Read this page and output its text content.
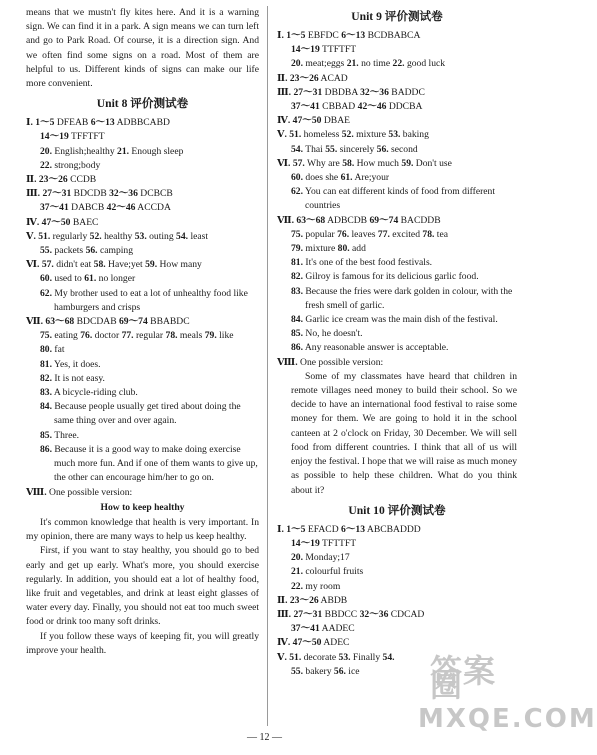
means that we mustn't fly kites here. And it is a warning sign. We can find it in a park. A sign means we can turn left and go to Park Road. Of course, it is a direction sign. And we often find some signs on a road. Most of them are helpful to us. Different kinds of signs can make our life more convenient.

Unit 8 评价测试卷

Ⅰ. 1～5 DFEAB 6～13 ADBBCABD

14～19 TFFTFT

20. English;healthy 21. Enough sleep

22. strong;body

Ⅱ. 23～26 CCDB

Ⅲ. 27～31 BDCDB 32～36 DCBCB

37～41 DABCB 42～46 ACCDA

Ⅳ. 47～50 BAEC

Ⅴ. 51. regularly 52. healthy 53. outing 54. least

55. packets 56. camping

Ⅵ. 57. didn't eat 58. Have;yet 59. How many

60. used to 61. no longer

62. My brother used to eat a lot of unhealthy food like hamburgers and crisps

Ⅶ. 63～68 BDCDAB 69～74 BBABDC

75. eating 76. doctor 77. regular 78. meals 79. like

80. fat

81. Yes, it does.

82. It is not easy.

83. A bicycle-riding club.

84. Because people usually get tired about doing the same thing over and over again.

85. Three.

86. Because it is a good way to make doing exercise much more fun. And if one of them wants to give up, the other can encourage him/her to go on.

Ⅷ. One possible version:

How to keep healthy

It's common knowledge that health is very important. In my opinion, there are many ways to help us keep healthy.

First, if you want to stay healthy, you should go to bed early and get up early. What's more, you should exercise regularly. In addition, you should eat a lot of healthy food, like fruit and vegetables, and drink at least eight glasses of water every day. Finally, you should not eat too much sweet food or drink too many soft drinks.

If you follow these ways of keeping fit, you will greatly improve your health.

Unit 9 评价测试卷

Ⅰ. 1～5 EBFDC 6～13 BCDBABCA

14～19 TTFTFT

20. meat;eggs 21. no time 22. good luck

Ⅱ. 23～26 ACAD

Ⅲ. 27～31 DBDBA 32～36 BADDC

37～41 CBBAD 42～46 DDCBA

Ⅳ. 47～50 DBAE

Ⅴ. 51. homeless 52. mixture 53. baking

54. Thai 55. sincerely 56. second

Ⅵ. 57. Why are 58. How much 59. Don't use

60. does she 61. Are;your

62. You can eat different kinds of food from different countries

Ⅶ. 63～68 ADBCDB 69～74 BACDDB

75. popular 76. leaves 77. excited 78. tea

79. mixture 80. add

81. It's one of the best food festivals.

82. Gilroy is famous for its delicious garlic food.

83. Because the fries were dark golden in colour, with the fresh smell of garlic.

84. Garlic ice cream was the main dish of the festival.

85. No, he doesn't.

86. Any reasonable answer is acceptable.

Ⅷ. One possible version:

Some of my classmates have heard that children in remote villages need money to build their school. So we decide to have an international food festival to raise some money for them. We are going to hold it in the school canteen at 2 o'clock on Friday, 30 December. We will sell food from different countries. I think that all of us will enjoy the festival. I hope that we will raise as much money as possible to help these children. What do you think about it?

Unit 10 评价测试卷

Ⅰ. 1～5 EFACD 6～13 ABCBADDD

14～19 TFTTFT

20. Monday;17

21. colourful fruits

22. my room

Ⅱ. 23～26 ABDB

Ⅲ. 27～31 BBDCC 32～36 CDCAD

37～41 AADEC

Ⅳ. 47～50 ADEC

Ⅴ. 51. decorate 53. Finally 54.

55. bakery 56. ice

— 12 —
答案圈
MXQE.COM
